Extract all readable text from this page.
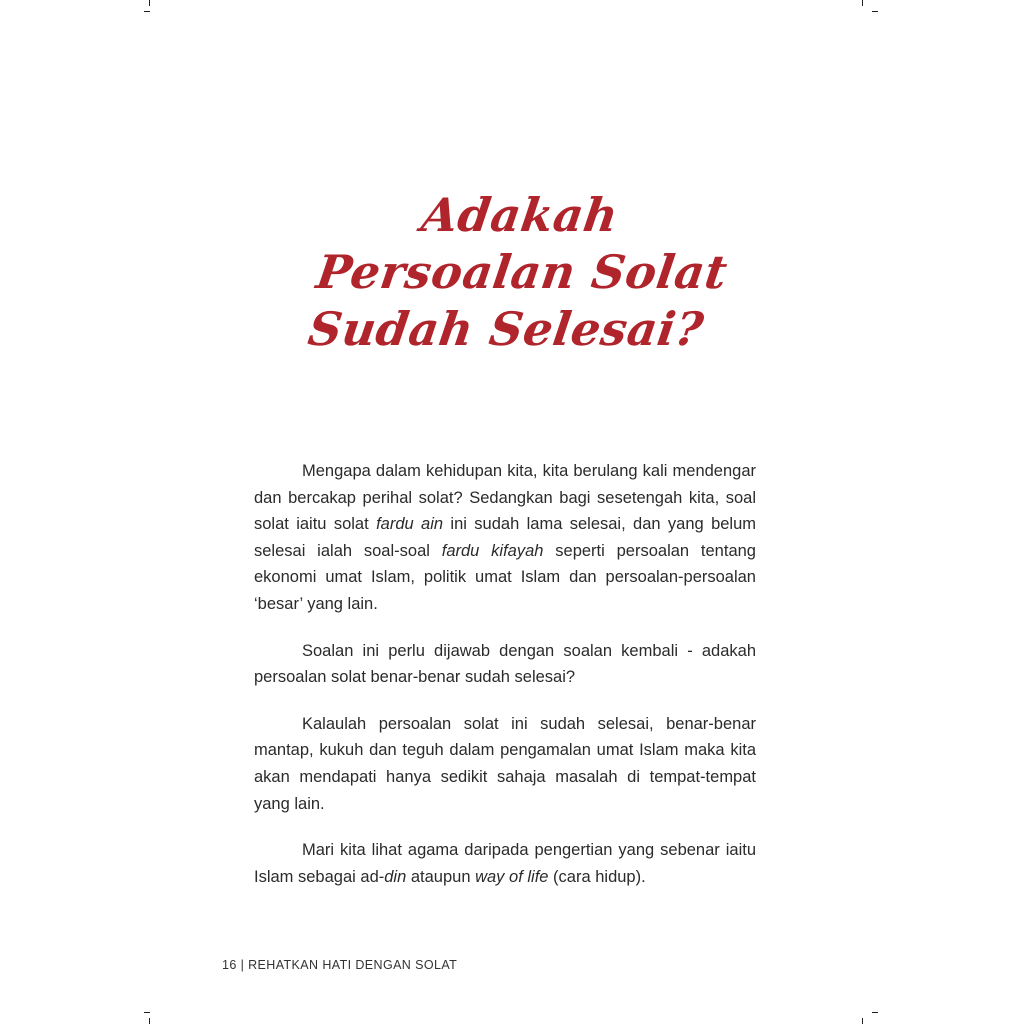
Adakah
Persoalan Solat
Sudah Selesai?

Mengapa dalam kehidupan kita, kita berulang kali mendengar dan bercakap perihal solat? Sedangkan bagi sesetengah kita, soal solat iaitu solat fardu ain ini sudah lama selesai, dan yang belum selesai ialah soal-soal fardu kifayah seperti persoalan tentang ekonomi umat Islam, politik umat Islam dan persoalan-persoalan ‘besar’ yang lain.

Soalan ini perlu dijawab dengan soalan kembali - adakah persoalan solat benar-benar sudah selesai?

Kalaulah persoalan solat ini sudah selesai, benar-benar mantap, kukuh dan teguh dalam pengamalan umat Islam maka kita akan mendapati hanya sedikit sahaja masalah di tempat-tempat yang lain.

Mari kita lihat agama daripada pengertian yang sebenar iaitu Islam sebagai ad-din ataupun way of life (cara hidup).

16 | REHATKAN HATI DENGAN SOLAT
